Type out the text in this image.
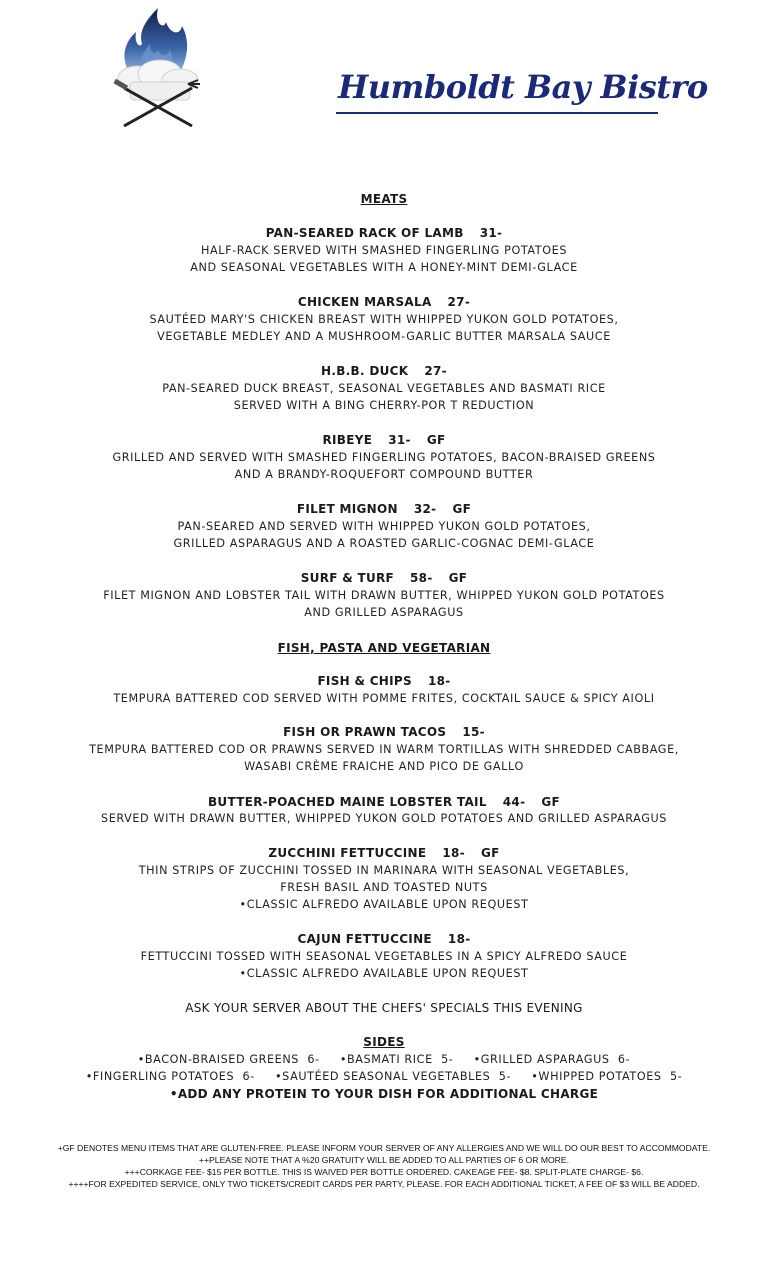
Humboldt Bay Bistro
MEATS
PAN-SEARED RACK OF LAMB 31-
HALF-RACK SERVED WITH SMASHED FINGERLING POTATOES
AND SEASONAL VEGETABLES WITH A HONEY-MINT DEMI-GLACE
CHICKEN MARSALA 27-
SAUTÉED MARY'S CHICKEN BREAST WITH WHIPPED YUKON GOLD POTATOES,
VEGETABLE MEDLEY AND A MUSHROOM-GARLIC BUTTER MARSALA SAUCE
H.B.B. DUCK 27-
PAN-SEARED DUCK BREAST, SEASONAL VEGETABLES AND BASMATI RICE
SERVED WITH A BING CHERRY-POR T REDUCTION
RIBEYE 31- GF
GRILLED AND SERVED WITH SMASHED FINGERLING POTATOES, BACON-BRAISED GREENS
AND A BRANDY-ROQUEFORT COMPOUND BUTTER
FILET MIGNON 32- GF
PAN-SEARED AND SERVED WITH WHIPPED YUKON GOLD POTATOES,
GRILLED ASPARAGUS AND A ROASTED GARLIC-COGNAC DEMI-GLACE
SURF & TURF 58- GF
FILET MIGNON AND LOBSTER TAIL WITH DRAWN BUTTER, WHIPPED YUKON GOLD POTATOES
AND GRILLED ASPARAGUS
FISH, PASTA AND VEGETARIAN
FISH & CHIPS 18-
TEMPURA BATTERED COD SERVED WITH POMME FRITES, COCKTAIL SAUCE & SPICY AIOLI
FISH OR PRAWN TACOS 15-
TEMPURA BATTERED COD OR PRAWNS SERVED IN WARM TORTILLAS WITH SHREDDED CABBAGE,
WASABI CRÈME FRAICHE AND PICO DE GALLO
BUTTER-POACHED MAINE LOBSTER TAIL 44- GF
SERVED WITH DRAWN BUTTER, WHIPPED YUKON GOLD POTATOES AND GRILLED ASPARAGUS
ZUCCHINI FETTUCCINE 18- GF
THIN STRIPS OF ZUCCHINI TOSSED IN MARINARA WITH SEASONAL VEGETABLES,
FRESH BASIL AND TOASTED NUTS
•CLASSIC ALFREDO AVAILABLE UPON REQUEST
CAJUN FETTUCCINE 18-
FETTUCCINI TOSSED WITH SEASONAL VEGETABLES IN A SPICY ALFREDO SAUCE
•CLASSIC ALFREDO AVAILABLE UPON REQUEST
ASK YOUR SERVER ABOUT THE CHEFS' SPECIALS THIS EVENING
SIDES
•BACON-BRAISED GREENS 6- •BASMATI RICE 5- •GRILLED ASPARAGUS 6-
•FINGERLING POTATOES 6- •SAUTÉED SEASONAL VEGETABLES 5- •WHIPPED POTATOES 5-
•ADD ANY PROTEIN TO YOUR DISH FOR ADDITIONAL CHARGE
+GF DENOTES MENU ITEMS THAT ARE GLUTEN-FREE. PLEASE INFORM YOUR SERVER OF ANY ALLERGIES AND WE WILL DO OUR BEST TO ACCOMMODATE.
++PLEASE NOTE THAT A %20 GRATUITY WILL BE ADDED TO ALL PARTIES OF 6 OR MORE.
+++CORKAGE FEE- $15 PER BOTTLE. THIS IS WAIVED PER BOTTLE ORDERED. CAKEAGE FEE- $8. SPLIT-PLATE CHARGE- $6.
++++FOR EXPEDITED SERVICE, ONLY TWO TICKETS/CREDIT CARDS PER PARTY, PLEASE. FOR EACH ADDITIONAL TICKET, A FEE OF $3 WILL BE ADDED.
